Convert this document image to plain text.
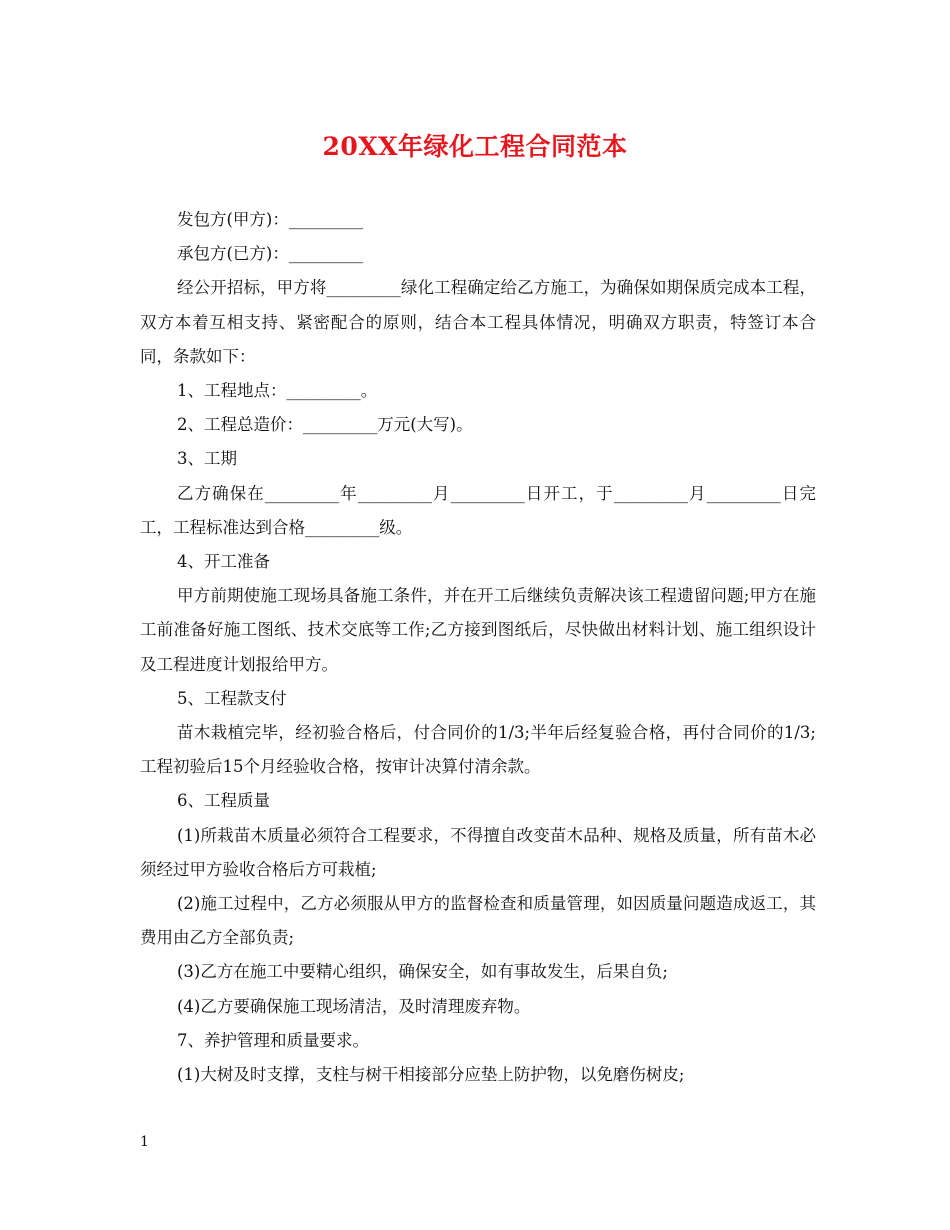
20XX年绿化工程合同范本

发包方(甲方)：_________

承包方(已方)：_________

经公开招标，甲方将_________绿化工程确定给乙方施工，为确保如期保质完成本工程，双方本着互相支持、紧密配合的原则，结合本工程具体情况，明确双方职责，特签订本合同，条款如下：

1、工程地点：_________。

2、工程总造价：_________万元(大写)。

3、工期

乙方确保在_________年_________月_________日开工，于_________月_________日完工，工程标准达到合格_________级。

4、开工准备

甲方前期使施工现场具备施工条件，并在开工后继续负责解决该工程遗留问题;甲方在施工前准备好施工图纸、技术交底等工作;乙方接到图纸后，尽快做出材料计划、施工组织设计及工程进度计划报给甲方。

5、工程款支付

苗木栽植完毕，经初验合格后，付合同价的1/3;半年后经复验合格，再付合同价的1/3;工程初验后15个月经验收合格，按审计决算付清余款。

6、工程质量

(1)所栽苗木质量必须符合工程要求，不得擅自改变苗木品种、规格及质量，所有苗木必须经过甲方验收合格后方可栽植;

(2)施工过程中，乙方必须服从甲方的监督检查和质量管理，如因质量问题造成返工，其费用由乙方全部负责;

(3)乙方在施工中要精心组织，确保安全，如有事故发生，后果自负;

(4)乙方要确保施工现场清洁，及时清理废弃物。

7、养护管理和质量要求。

(1)大树及时支撑，支柱与树干相接部分应垫上防护物，以免磨伤树皮;

1
